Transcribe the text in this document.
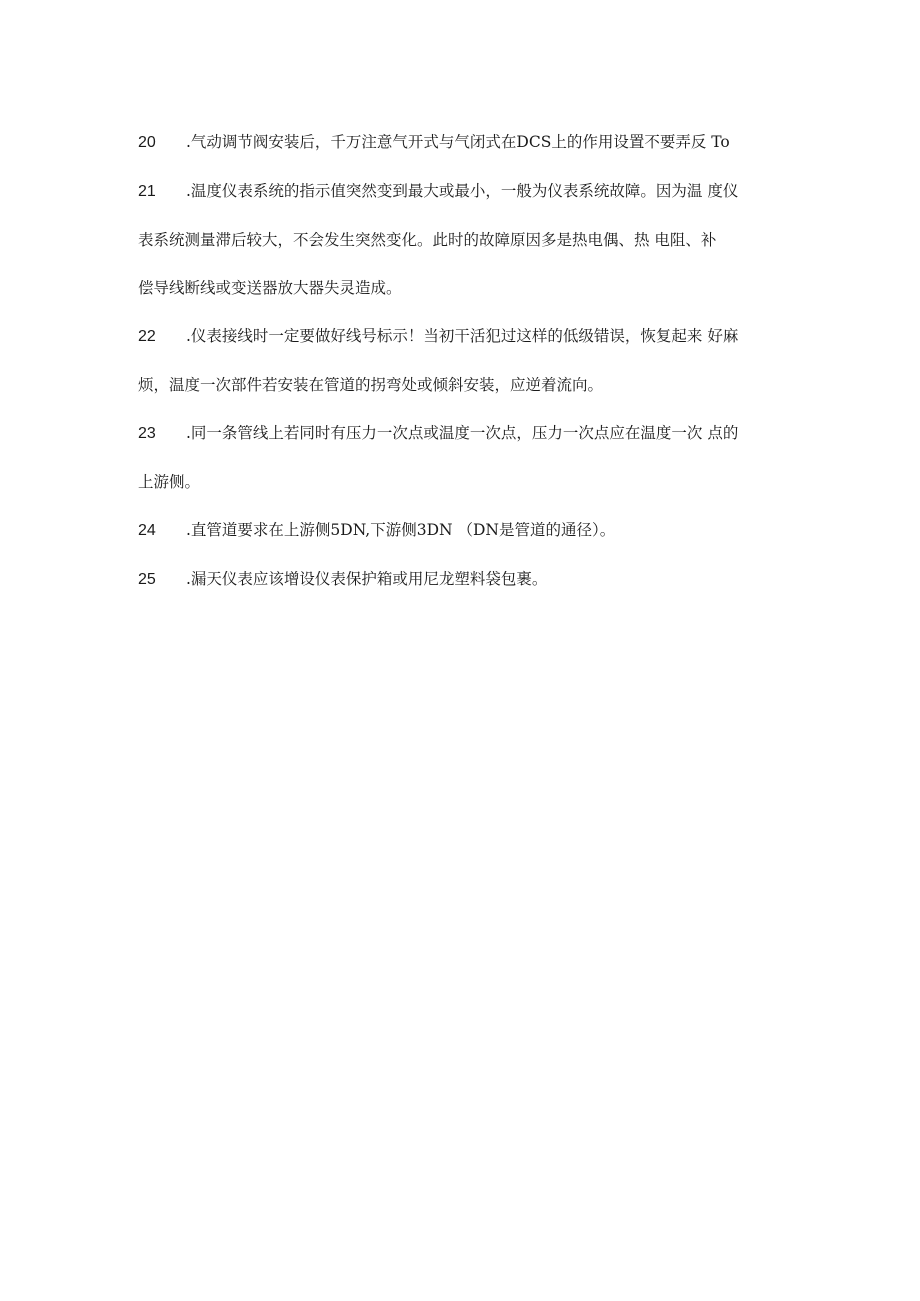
20 .气动调节阀安装后，千万注意气开式与气闭式在DCS上的作用设置不要弄反 To

21 .温度仪表系统的指示值突然变到最大或最小，一般为仪表系统故障。因为温 度仪

表系统测量滞后较大，不会发生突然变化。此时的故障原因多是热电偶、热 电阻、补

偿导线断线或变送器放大器失灵造成。

22 .仪表接线时一定要做好线号标示！当初干活犯过这样的低级错误，恢复起来 好麻

烦，温度一次部件若安装在管道的拐弯处或倾斜安装，应逆着流向。

23 .同一条管线上若同时有压力一次点或温度一次点，压力一次点应在温度一次 点的

上游侧。

24 .直管道要求在上游侧5DN,下游侧3DN （DN是管道的通径）。

25 .漏天仪表应该增设仪表保护箱或用尼龙塑料袋包裹。
